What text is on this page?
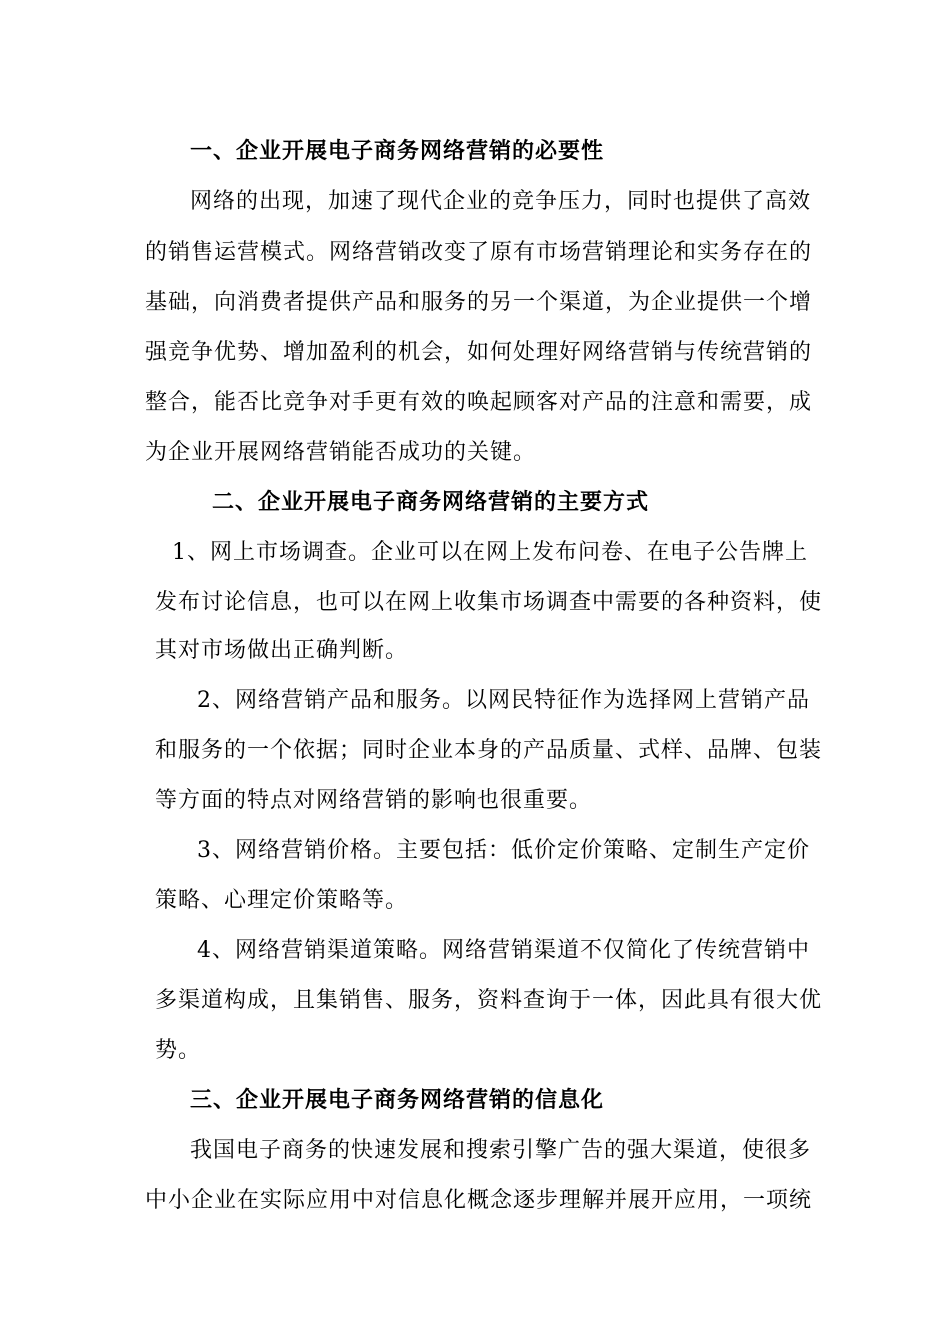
一、企业开展电子商务网络营销的必要性
网络的出现，加速了现代企业的竞争压力，同时也提供了高效
的销售运营模式。网络营销改变了原有市场营销理论和实务存在的
基础，向消费者提供产品和服务的另一个渠道，为企业提供一个增
强竞争优势、增加盈利的机会，如何处理好网络营销与传统营销的
整合，能否比竞争对手更有效的唤起顾客对产品的注意和需要，成
为企业开展网络营销能否成功的关键。
二、企业开展电子商务网络营销的主要方式
1、网上市场调查。企业可以在网上发布问卷、在电子公告牌上
发布讨论信息，也可以在网上收集市场调查中需要的各种资料，使
其对市场做出正确判断。
2、网络营销产品和服务。以网民特征作为选择网上营销产品
和服务的一个依据；同时企业本身的产品质量、式样、品牌、包装
等方面的特点对网络营销的影响也很重要。
3、网络营销价格。主要包括：低价定价策略、定制生产定价
策略、心理定价策略等。
4、网络营销渠道策略。网络营销渠道不仅简化了传统营销中
多渠道构成，且集销售、服务，资料查询于一体，因此具有很大优
势。
三、企业开展电子商务网络营销的信息化
我国电子商务的快速发展和搜索引擎广告的强大渠道，使很多
中小企业在实际应用中对信息化概念逐步理解并展开应用，一项统
